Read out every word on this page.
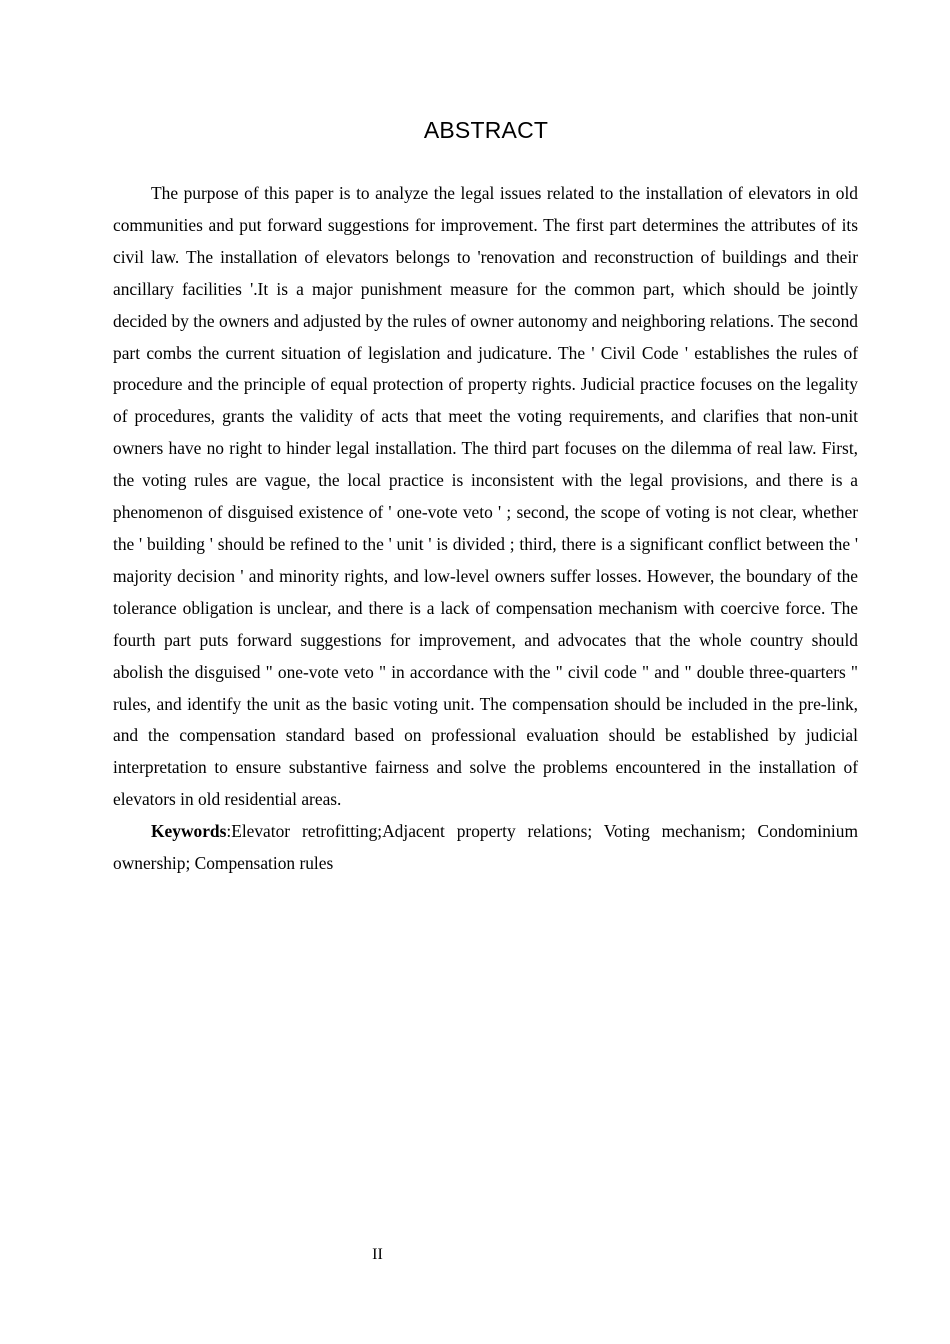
ABSTRACT

The purpose of this paper is to analyze the legal issues related to the installation of elevators in old communities and put forward suggestions for improvement. The first part determines the attributes of its civil law. The installation of elevators belongs to 'renovation and reconstruction of buildings and their ancillary facilities '.It is a major punishment measure for the common part, which should be jointly decided by the owners and adjusted by the rules of owner autonomy and neighboring relations. The second part combs the current situation of legislation and judicature. The ' Civil Code ' establishes the rules of procedure and the principle of equal protection of property rights. Judicial practice focuses on the legality of procedures, grants the validity of acts that meet the voting requirements, and clarifies that non-unit owners have no right to hinder legal installation. The third part focuses on the dilemma of real law. First, the voting rules are vague, the local practice is inconsistent with the legal provisions, and there is a phenomenon of disguised existence of ' one-vote veto ' ; second, the scope of voting is not clear, whether the ' building ' should be refined to the ' unit ' is divided ; third, there is a significant conflict between the ' majority decision ' and minority rights, and low-level owners suffer losses. However, the boundary of the tolerance obligation is unclear, and there is a lack of compensation mechanism with coercive force. The fourth part puts forward suggestions for improvement, and advocates that the whole country should abolish the disguised " one-vote veto " in accordance with the " civil code " and " double three-quarters " rules, and identify the unit as the basic voting unit. The compensation should be included in the pre-link, and the compensation standard based on professional evaluation should be established by judicial interpretation to ensure substantive fairness and solve the problems encountered in the installation of elevators in old residential areas.

Keywords:Elevator retrofitting;Adjacent property relations; Voting mechanism; Condominium ownership; Compensation rules

II
